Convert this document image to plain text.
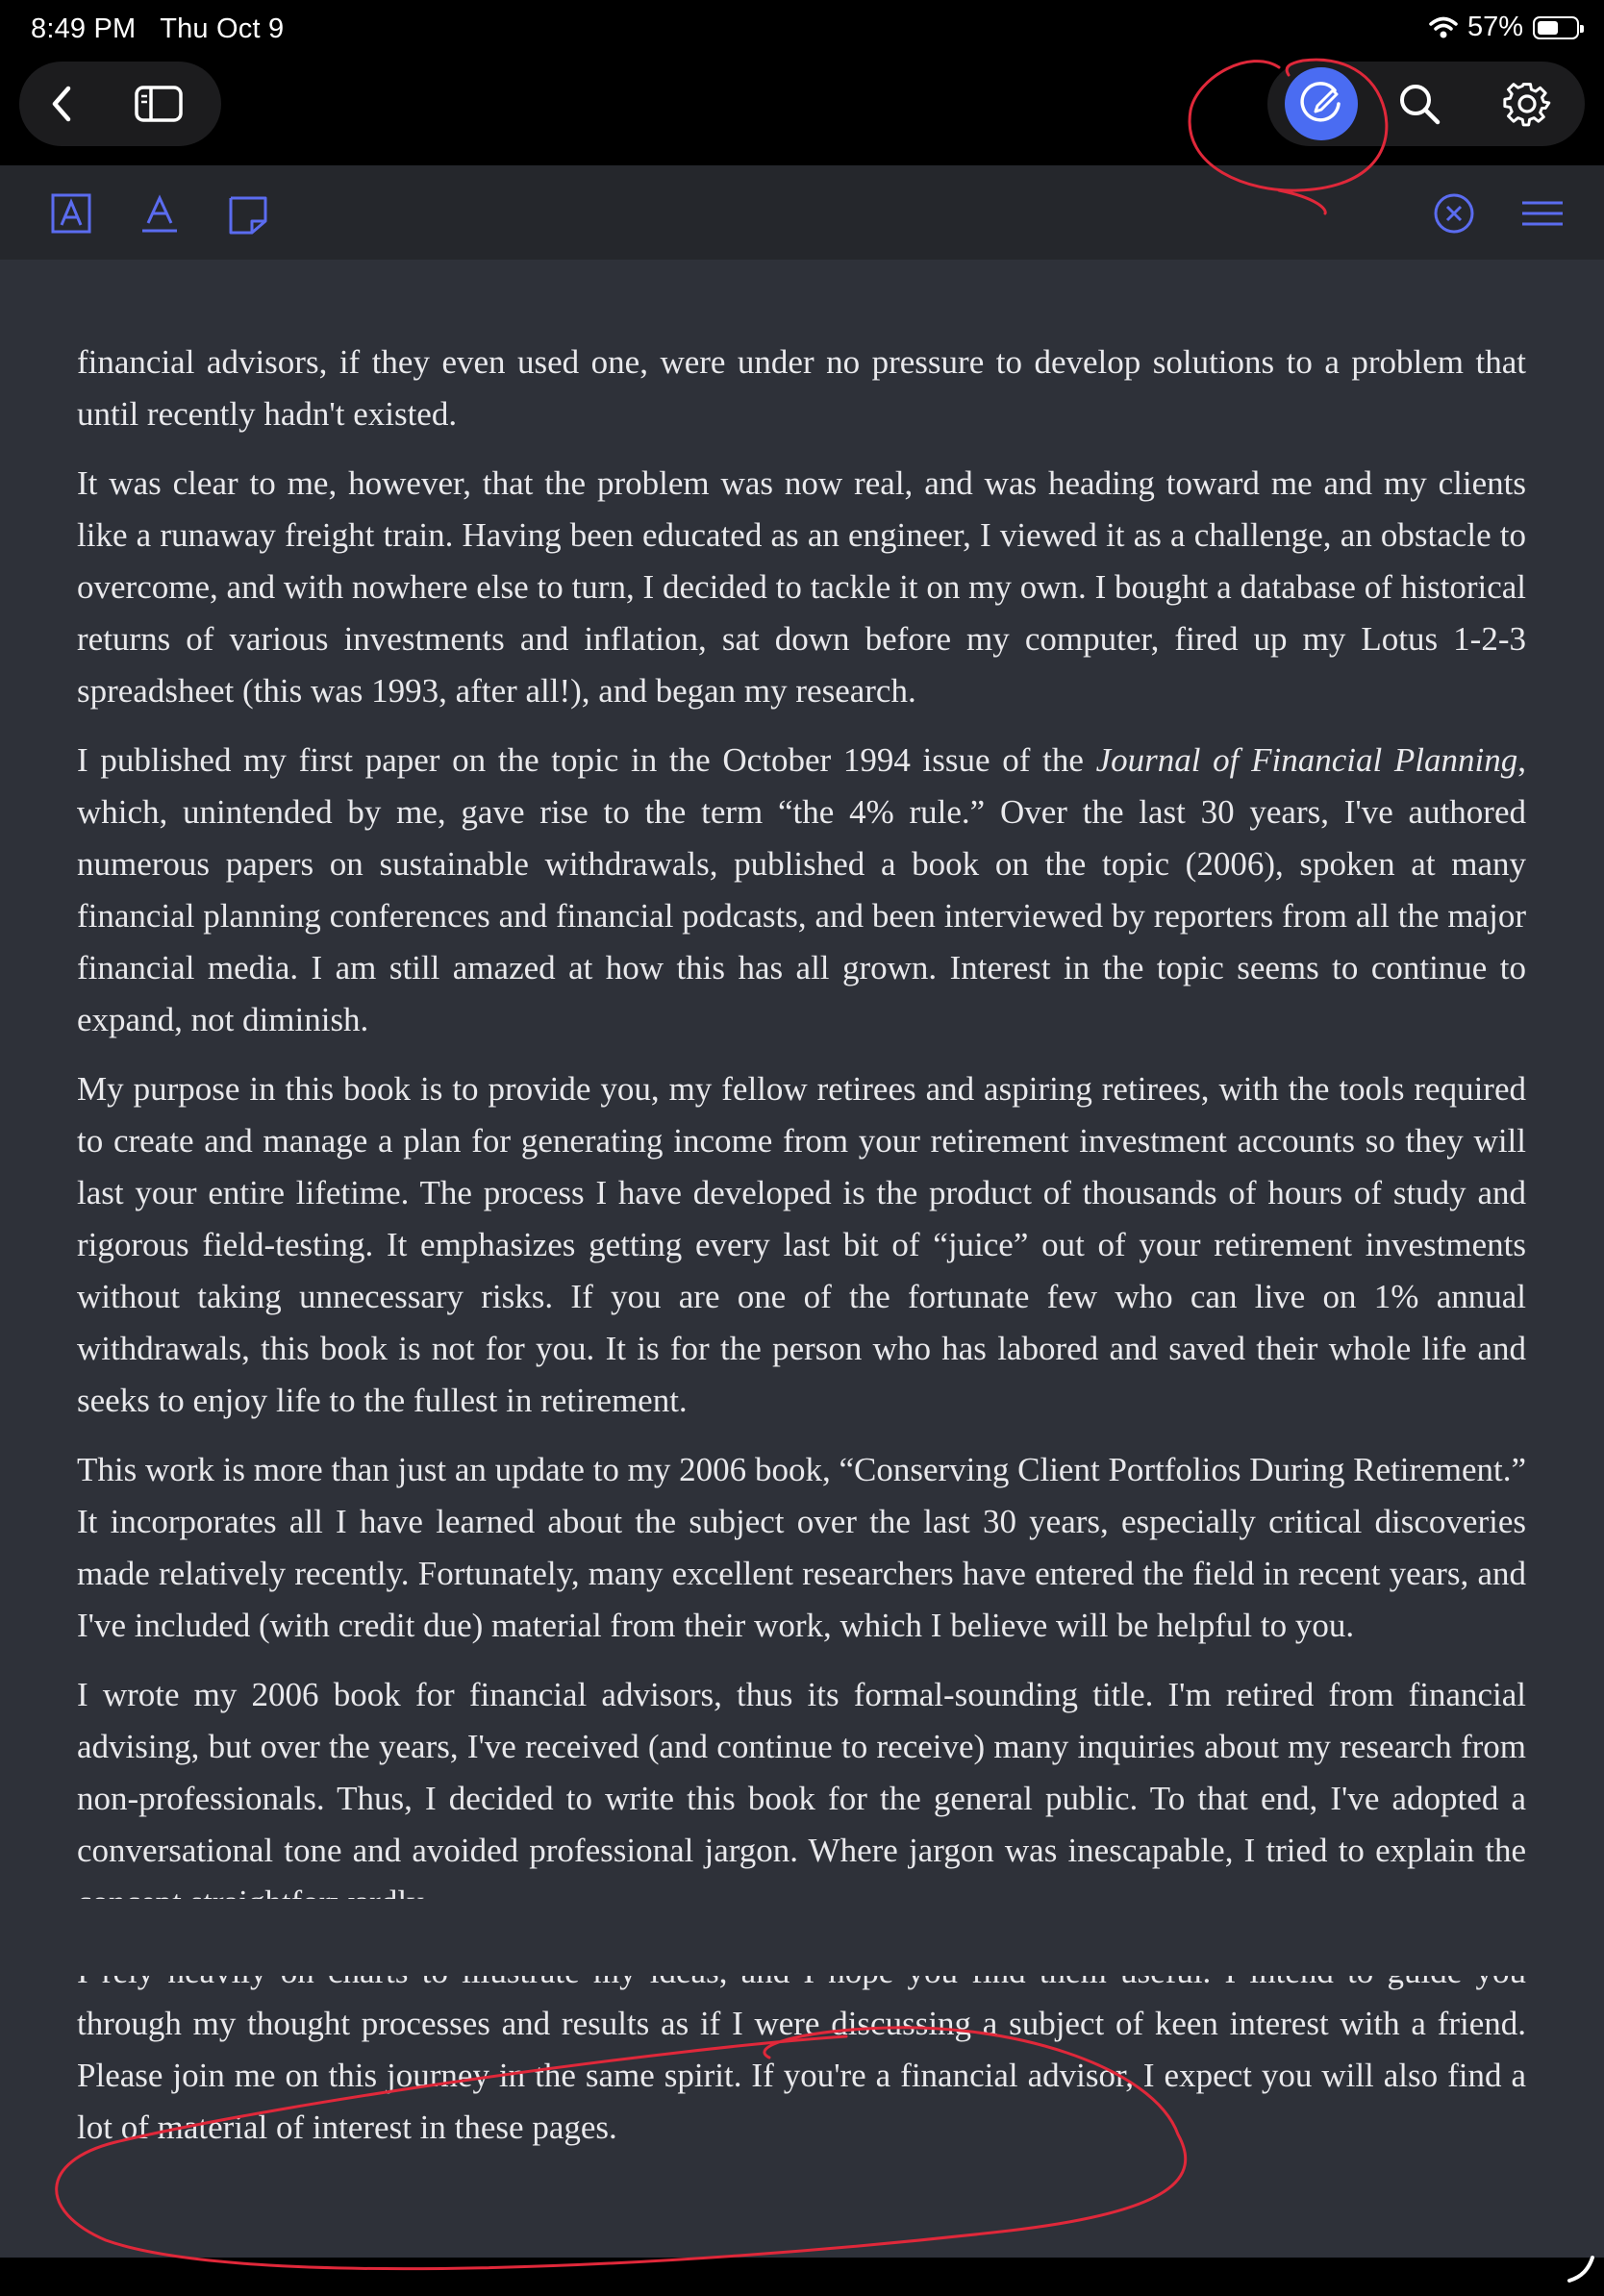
8:49 PM Thu Oct 9	57%

financial advisors, if they even used one, were under no pressure to develop solutions to a problem that until recently hadn't existed.

It was clear to me, however, that the problem was now real, and was heading toward me and my clients like a runaway freight train. Having been educated as an engineer, I viewed it as a challenge, an obstacle to overcome, and with nowhere else to turn, I decided to tackle it on my own. I bought a database of historical returns of various investments and inflation, sat down before my computer, fired up my Lotus 1-2-3 spreadsheet (this was 1993, after all!), and began my research.

I published my first paper on the topic in the October 1994 issue of the Journal of Financial Planning, which, unintended by me, gave rise to the term “the 4% rule.” Over the last 30 years, I've authored numerous papers on sustainable withdrawals, published a book on the topic (2006), spoken at many financial planning conferences and financial podcasts, and been interviewed by reporters from all the major financial media. I am still amazed at how this has all grown. Interest in the topic seems to continue to expand, not diminish.

My purpose in this book is to provide you, my fellow retirees and aspiring retirees, with the tools required to create and manage a plan for generating income from your retirement investment accounts so they will last your entire lifetime. The process I have developed is the product of thousands of hours of study and rigorous field-testing. It emphasizes getting every last bit of “juice” out of your retirement investments without taking unnecessary risks. If you are one of the fortunate few who can live on 1% annual withdrawals, this book is not for you. It is for the person who has labored and saved their whole life and seeks to enjoy life to the fullest in retirement.

This work is more than just an update to my 2006 book, “Conserving Client Portfolios During Retirement.” It incorporates all I have learned about the subject over the last 30 years, especially critical discoveries made relatively recently. Fortunately, many excellent researchers have entered the field in recent years, and I've included (with credit due) material from their work, which I believe will be helpful to you.

I wrote my 2006 book for financial advisors, thus its formal-sounding title. I'm retired from financial advising, but over the years, I've received (and continue to receive) many inquiries about my research from non-professionals. Thus, I decided to write this book for the general public. To that end, I've adopted a conversational tone and avoided professional jargon. Where jargon was inescapable, I tried to explain the

through my thought processes and results as if I were discussing a subject of keen interest with a friend. Please join me on this journey in the same spirit. If you're a financial advisor, I expect you will also find a lot of material of interest in these pages.
